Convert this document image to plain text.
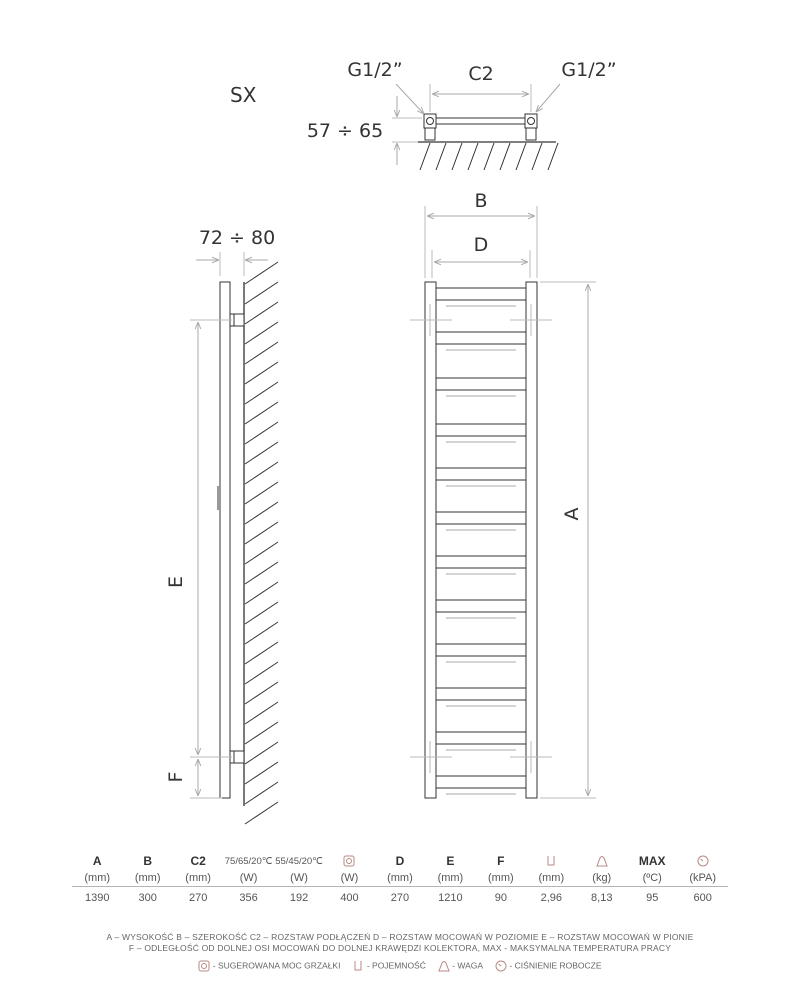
SX
C2
G1/2”	G1/2”
57 ÷ 65
72 ÷ 80
E
F
B
D
A
A	B	C2	75/65/20℃	55/45/20℃		D	E	F			MAX	
(mm)	(mm)	(mm)	(W)	(W)	(W)	(mm)	(mm)	(mm)	(mm)	(kg)	(ºC)	(kPA)
1390	300	270	356	192	400	270	1210	90	2,96	8,13	95	600
A – WYSOKOŚĆ B – SZEROKOŚĆ C2 – ROZSTAW PODŁĄCZEŃ D – ROZSTAW MOCOWAŃ W POZIOMIE E – ROZSTAW MOCOWAŃ W PIONIE
F – ODLEGŁOŚĆ OD DOLNEJ OSI MOCOWAŃ DO DOLNEJ KRAWĘDZI KOLEKTORA, MAX - MAKSYMALNA TEMPERATURA PRACY
- SUGEROWANA MOC GRZAŁKI	- POJEMNOŚĆ	- WAGA	- CIŚNIENIE ROBOCZE
